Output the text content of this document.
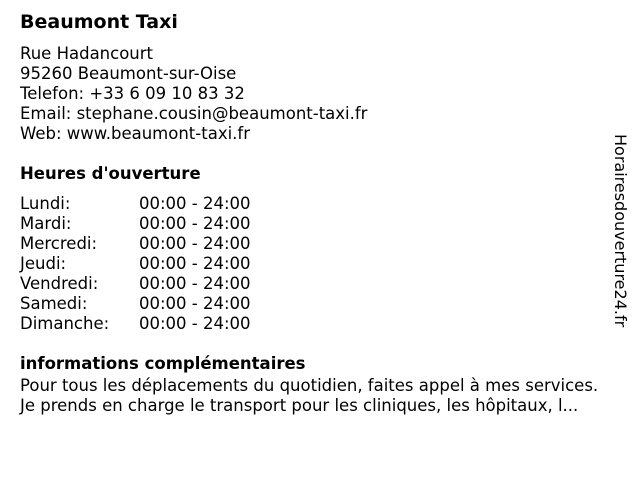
Beaumont Taxi
Rue Hadancourt
95260 Beaumont-sur-Oise
Telefon: +33 6 09 10 83 32
Email: stephane.cousin@beaumont-taxi.fr
Web: www.beaumont-taxi.fr
Heures d'ouverture
Lundi:	00:00 - 24:00
Mardi:	00:00 - 24:00
Mercredi:	00:00 - 24:00
Jeudi:	00:00 - 24:00
Vendredi: 00:00 - 24:00
Samedi:	00:00 - 24:00
Dimanche: 00:00 - 24:00
informations complémentaires
Pour tous les déplacements du quotidien, faites appel à mes services.
Je prends en charge le transport pour les cliniques, les hôpitaux, l...
Horairesdouverture24.fr
